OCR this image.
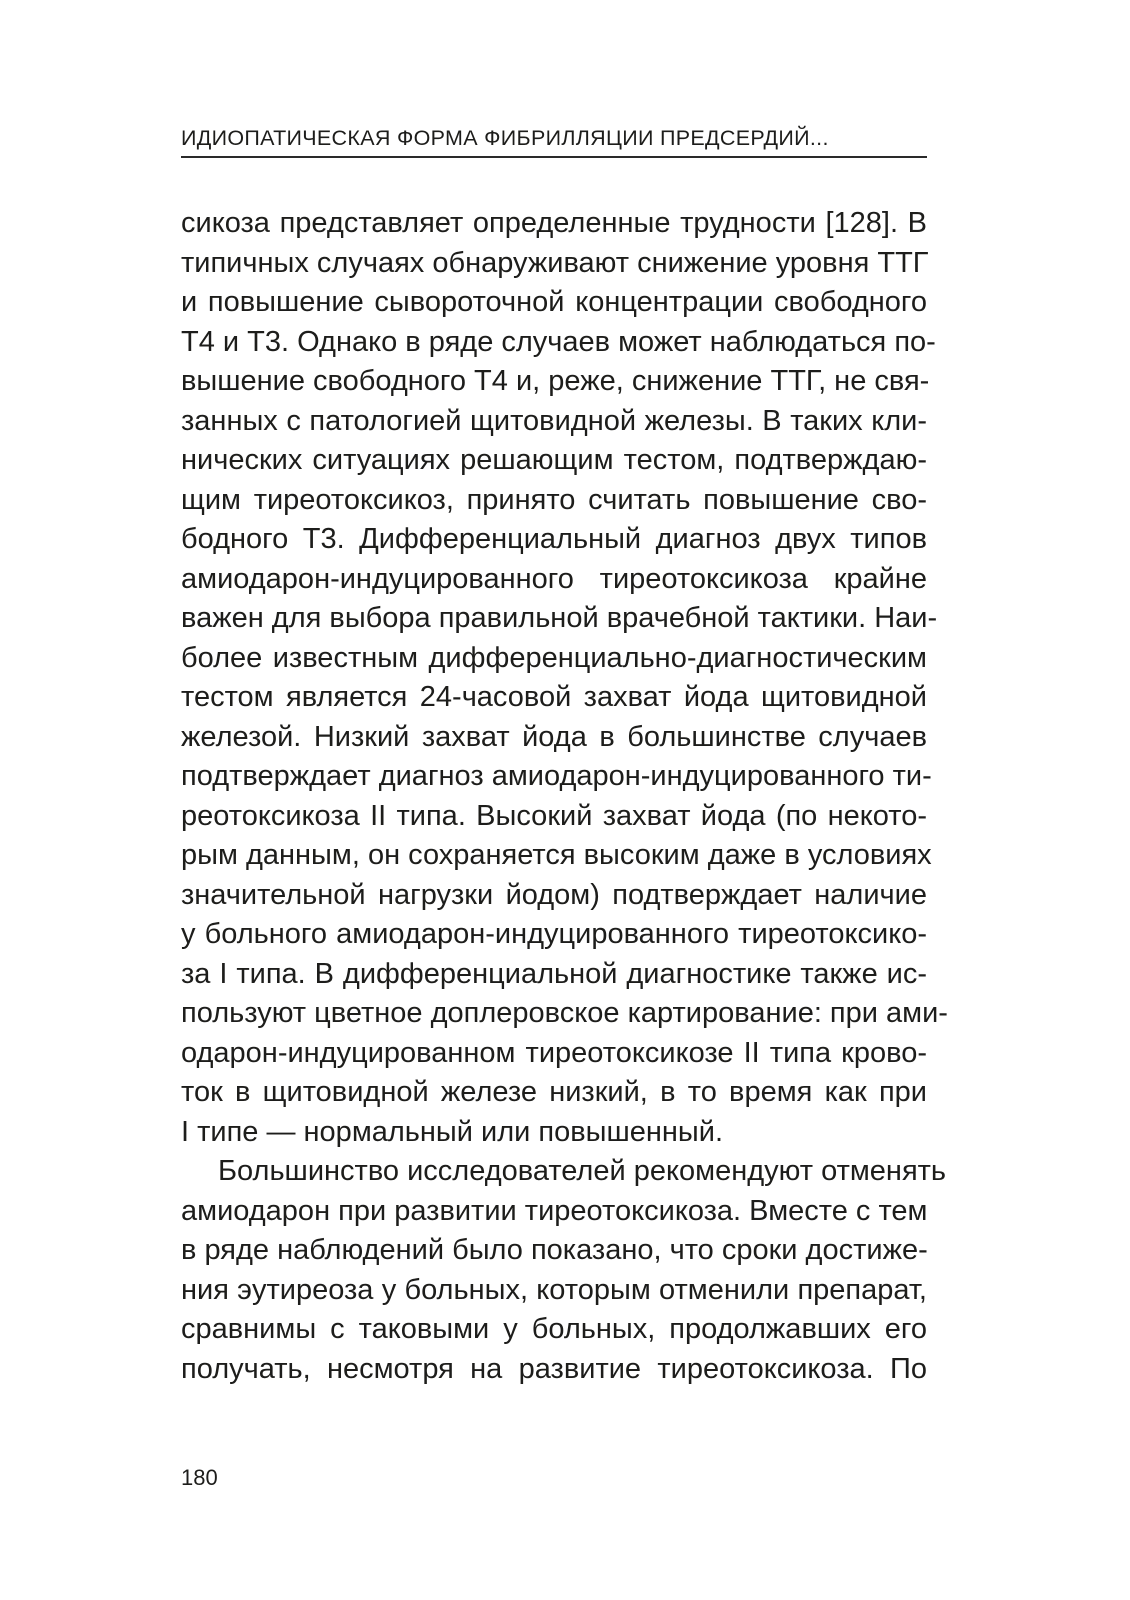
ИДИОПАТИЧЕСКАЯ ФОРМА ФИБРИЛЛЯЦИИ ПРЕДСЕРДИЙ...
сикоза представляет определенные трудности [128]. В
типичных случаях обнаруживают снижение уровня ТТГ
и повышение сывороточной концентрации свободного
Т4 и Т3. Однако в ряде случаев может наблюдаться по-
вышение свободного Т4 и, реже, снижение ТТГ, не свя-
занных с патологией щитовидной железы. В таких кли-
нических ситуациях решающим тестом, подтверждаю-
щим тиреотоксикоз, принято считать повышение сво-
бодного Т3. Дифференциальный диагноз двух типов
амиодарон-индуцированного тиреотоксикоза крайне
важен для выбора правильной врачебной тактики. Наи-
более известным дифференциально-диагностическим
тестом является 24-часовой захват йода щитовидной
железой. Низкий захват йода в большинстве случаев
подтверждает диагноз амиодарон-индуцированного ти-
реотоксикоза II типа. Высокий захват йода (по некото-
рым данным, он сохраняется высоким даже в условиях
значительной нагрузки йодом) подтверждает наличие
у больного амиодарон-индуцированного тиреотоксико-
за I типа. В дифференциальной диагностике также ис-
пользуют цветное доплеровское картирование: при ами-
одарон-индуцированном тиреотоксикозе II типа крово-
ток в щитовидной железе низкий, в то время как при
I типе — нормальный или повышенный.
Большинство исследователей рекомендуют отменять
амиодарон при развитии тиреотоксикоза. Вместе с тем
в ряде наблюдений было показано, что сроки достиже-
ния эутиреоза у больных, которым отменили препарат,
сравнимы с таковыми у больных, продолжавших его
получать, несмотря на развитие тиреотоксикоза. По
180
